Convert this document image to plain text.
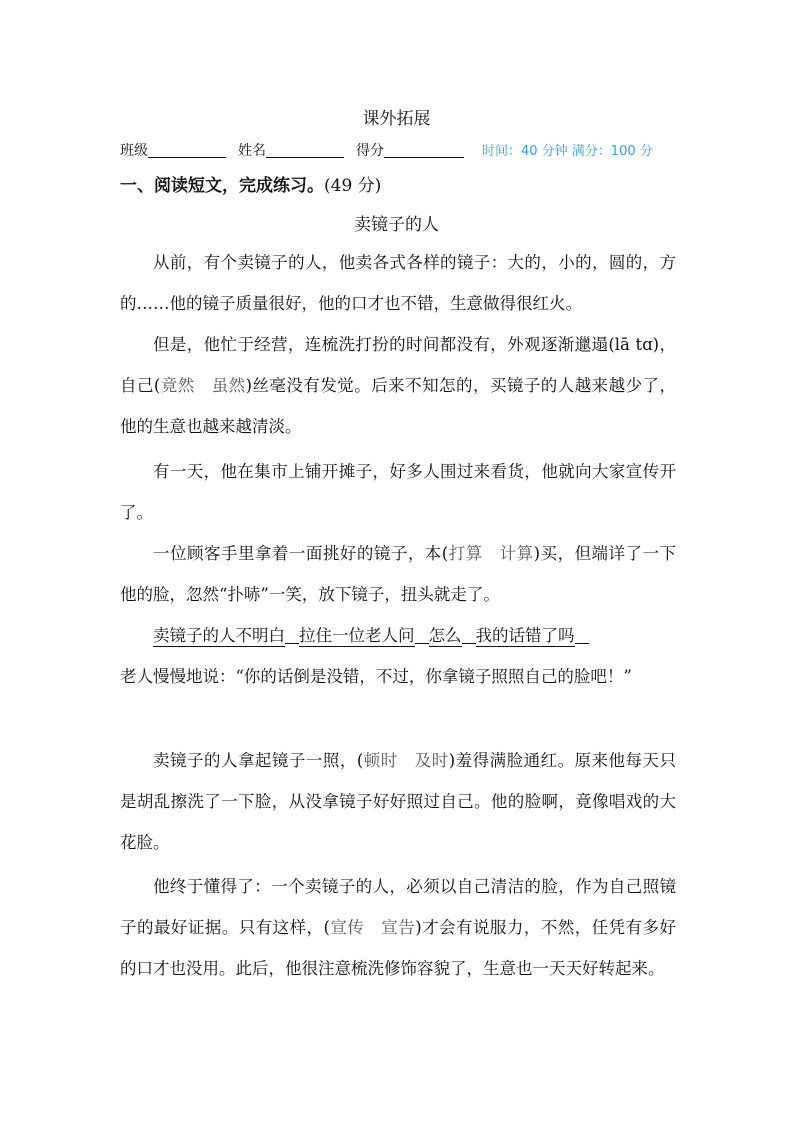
课外拓展
班级	姓名	得分	时间：40 分钟 满分：100 分
一、阅读短文，完成练习。(49 分)
卖镜子的人
从前，有个卖镜子的人，他卖各式各样的镜子：大的，小的，圆的，方的……他的镜子质量很好，他的口才也不错，生意做得很红火。
但是，他忙于经营，连梳洗打扮的时间都没有，外观逐渐邋遢(lā tɑ)，自己(竟然　虽然)丝毫没有发觉。后来不知怎的，买镜子的人越来越少了，他的生意也越来越清淡。
有一天，他在集市上铺开摊子，好多人围过来看货，他就向大家宣传开了。
一位顾客手里拿着一面挑好的镜子，本(打算　计算)买，但端详了一下他的脸，忽然“扑哧”一笑，放下镜子，扭头就走了。
卖镜子的人不明白 拉住一位老人问 怎么 我的话错了吗
老人慢慢地说：“你的话倒是没错，不过，你拿镜子照照自己的脸吧！”
卖镜子的人拿起镜子一照，(顿时　及时)羞得满脸通红。原来他每天只是胡乱擦洗了一下脸，从没拿镜子好好照过自己。他的脸啊，竟像唱戏的大花脸。
他终于懂得了：一个卖镜子的人，必须以自己清洁的脸，作为自己照镜子的最好证据。只有这样，(宣传　宣告)才会有说服力，不然，任凭有多好的口才也没用。此后，他很注意梳洗修饰容貌了，生意也一天天好转起来。
